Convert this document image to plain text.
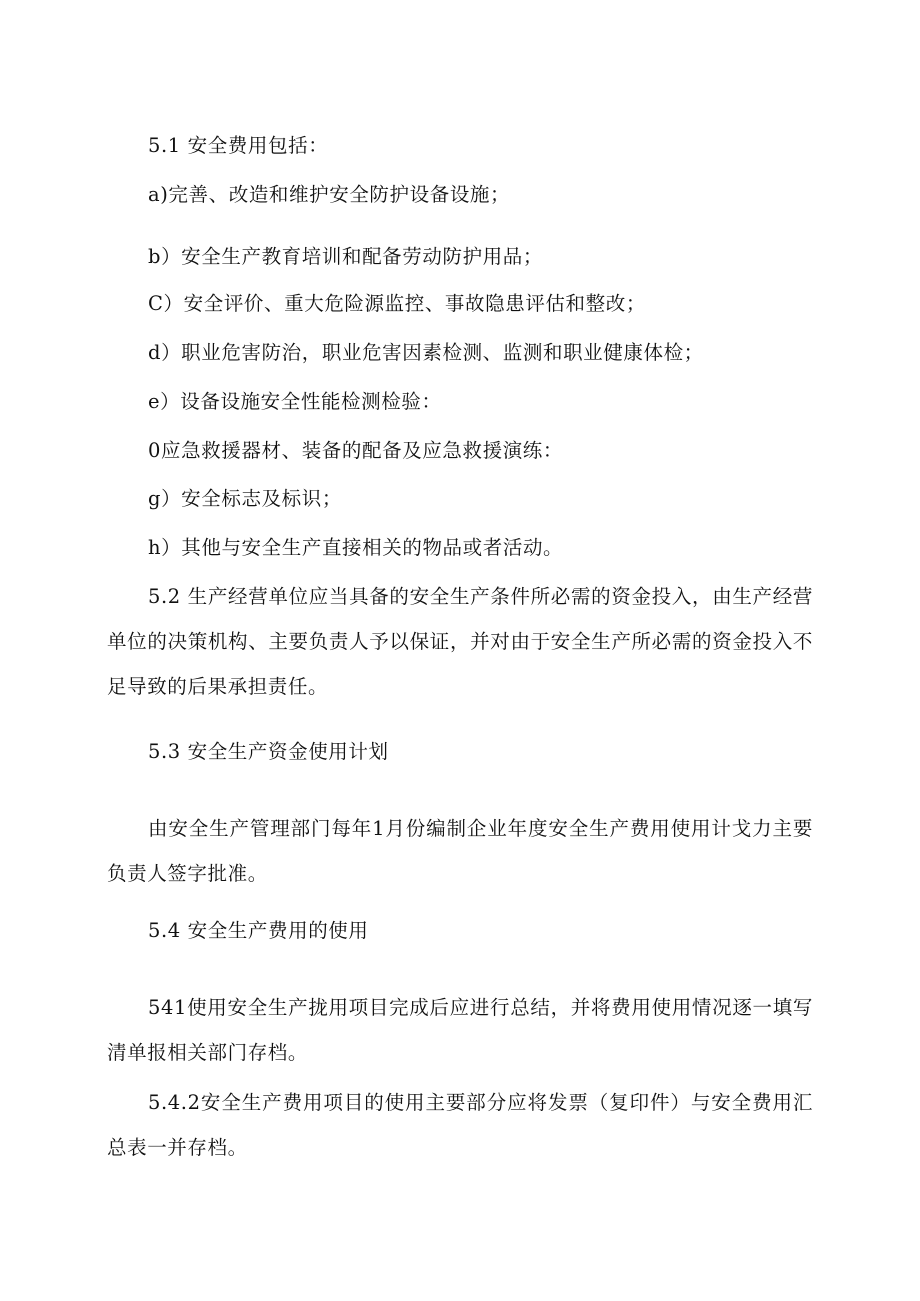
5.1 安全费用包括：
a)完善、改造和维护安全防护设备设施；
b）安全生产教育培训和配备劳动防护用品；
C）安全评价、重大危险源监控、事故隐患评估和整改；
d）职业危害防治，职业危害因素检测、监测和职业健康体检；
e）设备设施安全性能检测检验：
0应急救援器材、装备的配备及应急救援演练：
g）安全标志及标识；
h）其他与安全生产直接相关的物品或者活动。
5.2 生产经营单位应当具备的安全生产条件所必需的资金投入，由生产经营单位的决策机构、主要负责人予以保证，并对由于安全生产所必需的资金投入不足导致的后果承担责任。
5.3 安全生产资金使用计划
由安全生产管理部门每年1月份编制企业年度安全生产费用使用计戈力主要负责人签字批准。
5.4 安全生产费用的使用
541使用安全生产拢用项目完成后应进行总结，并将费用使用情况逐一填写清单报相关部门存档。
5.4.2安全生产费用项目的使用主要部分应将发票（复印件）与安全费用汇总表一并存档。
